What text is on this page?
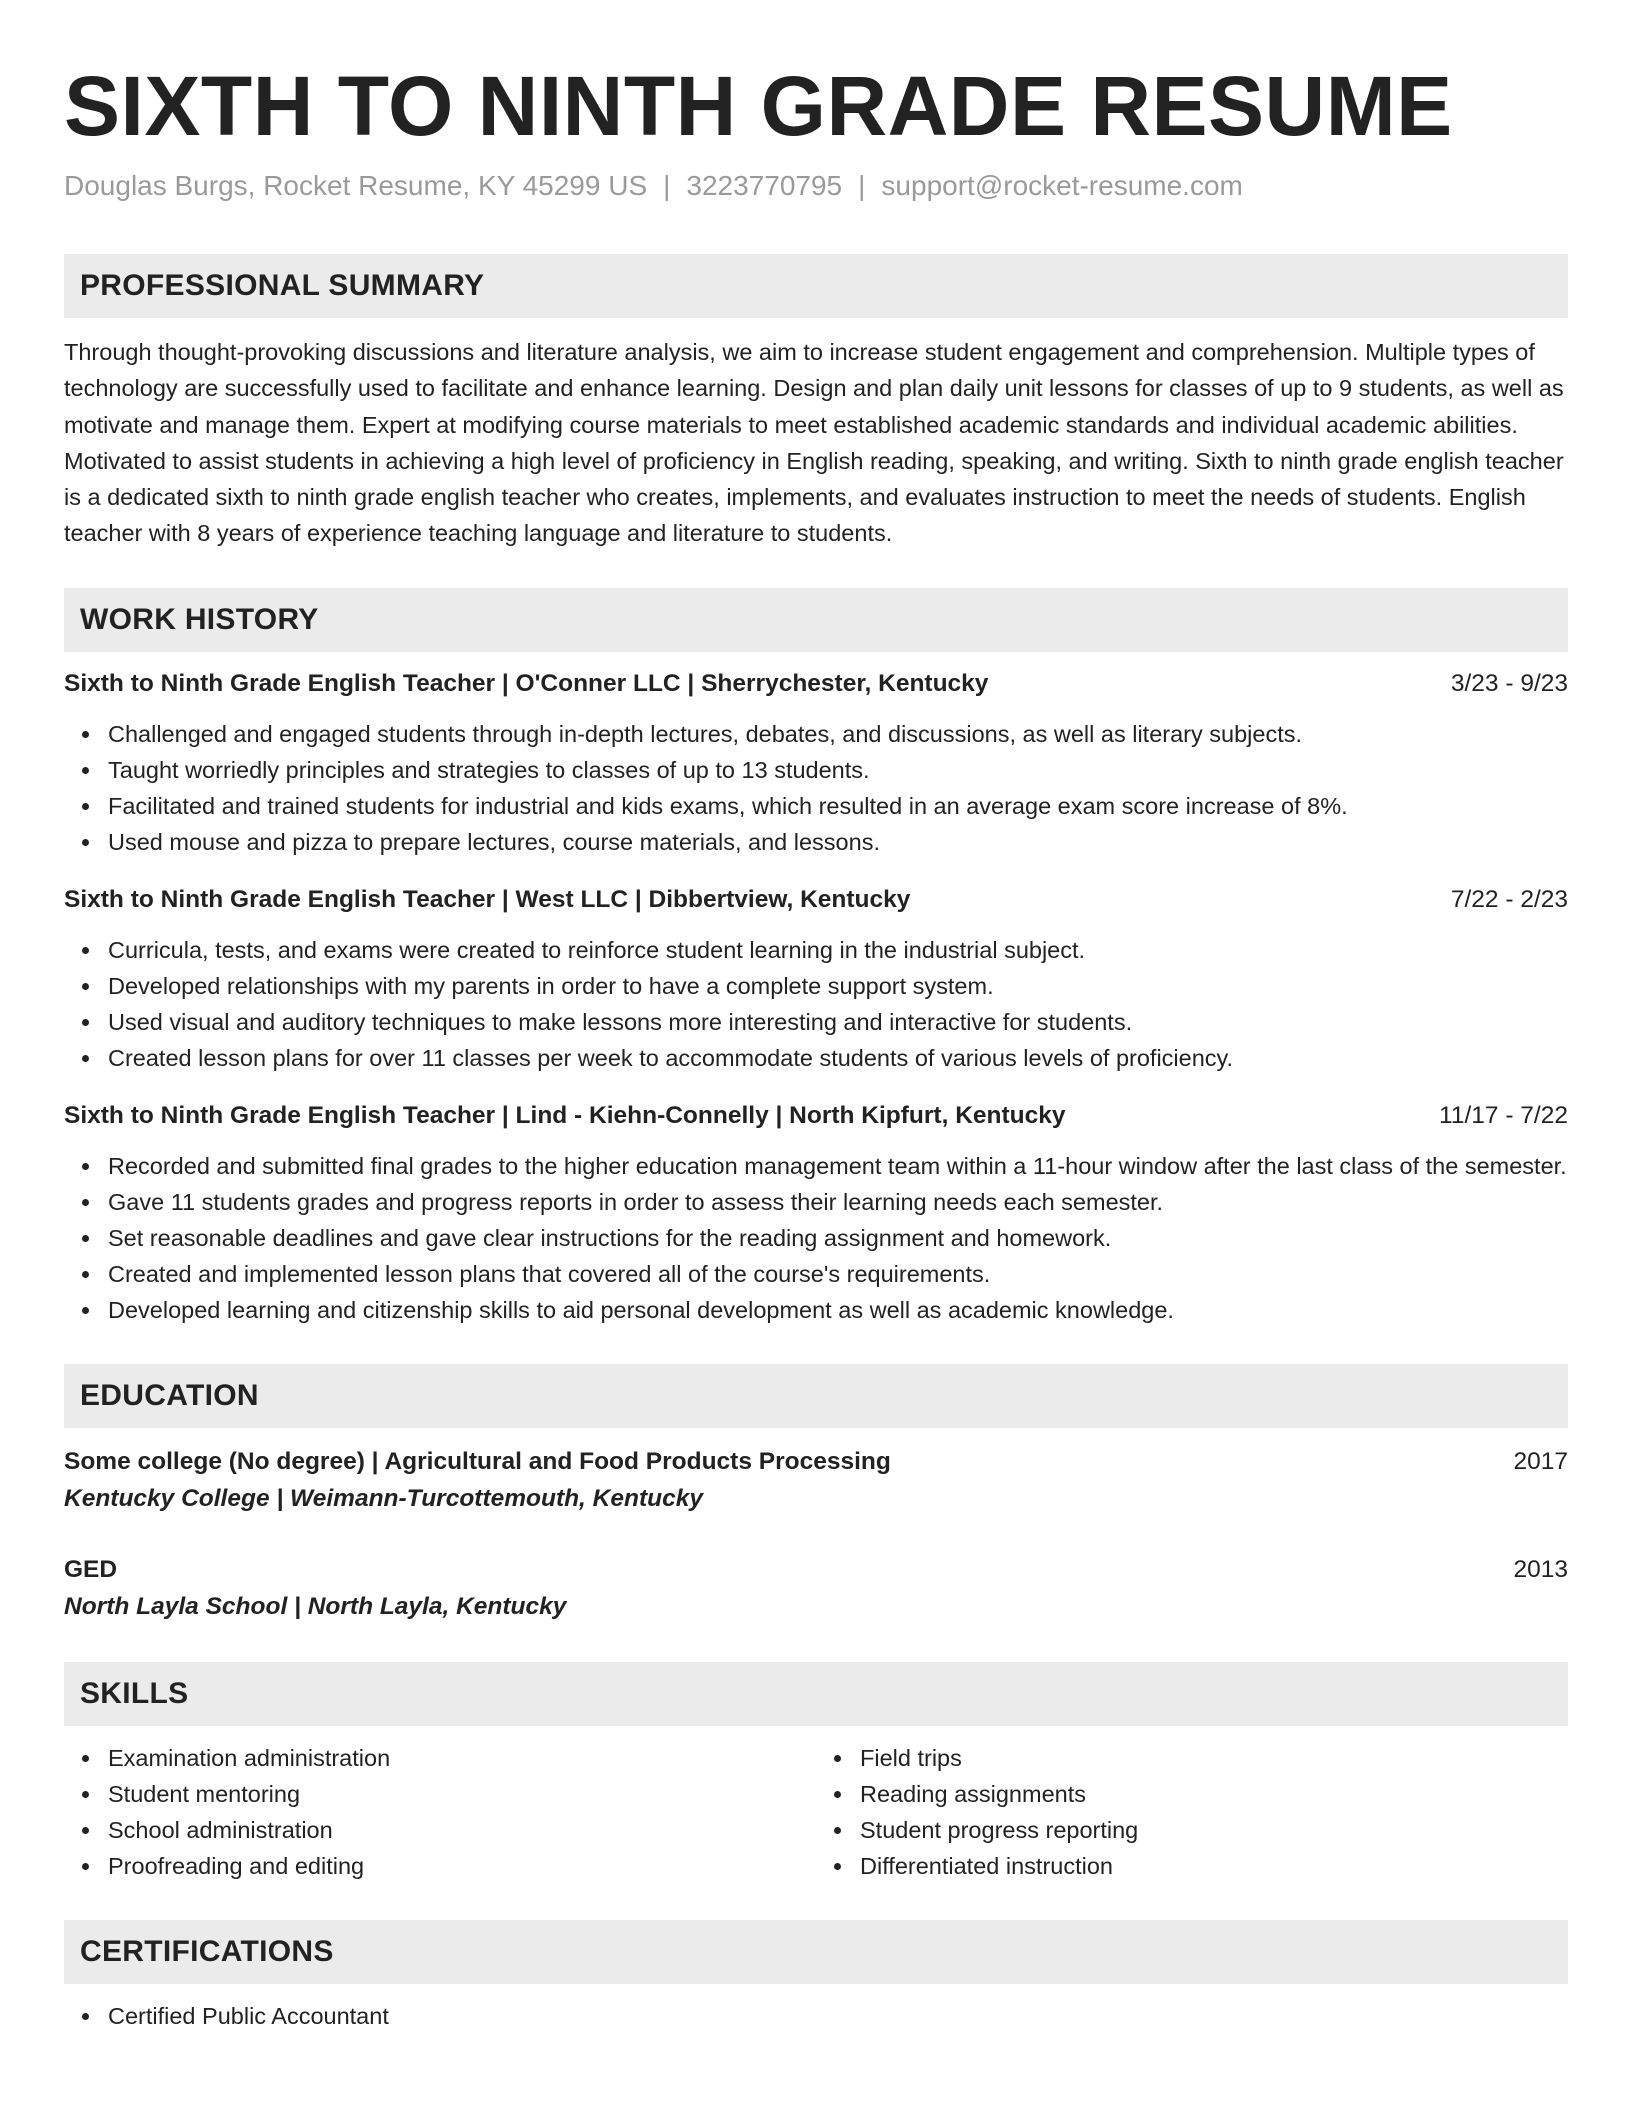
SIXTH TO NINTH GRADE RESUME
Douglas Burgs, Rocket Resume, KY 45299 US | 3223770795 | support@rocket-resume.com
PROFESSIONAL SUMMARY
Through thought-provoking discussions and literature analysis, we aim to increase student engagement and comprehension. Multiple types of technology are successfully used to facilitate and enhance learning. Design and plan daily unit lessons for classes of up to 9 students, as well as motivate and manage them. Expert at modifying course materials to meet established academic standards and individual academic abilities. Motivated to assist students in achieving a high level of proficiency in English reading, speaking, and writing. Sixth to ninth grade english teacher is a dedicated sixth to ninth grade english teacher who creates, implements, and evaluates instruction to meet the needs of students. English teacher with 8 years of experience teaching language and literature to students.
WORK HISTORY
Sixth to Ninth Grade English Teacher | O'Conner LLC | Sherrychester, Kentucky	3/23 - 9/23
Challenged and engaged students through in-depth lectures, debates, and discussions, as well as literary subjects.
Taught worriedly principles and strategies to classes of up to 13 students.
Facilitated and trained students for industrial and kids exams, which resulted in an average exam score increase of 8%.
Used mouse and pizza to prepare lectures, course materials, and lessons.
Sixth to Ninth Grade English Teacher | West LLC | Dibbertview, Kentucky	7/22 - 2/23
Curricula, tests, and exams were created to reinforce student learning in the industrial subject.
Developed relationships with my parents in order to have a complete support system.
Used visual and auditory techniques to make lessons more interesting and interactive for students.
Created lesson plans for over 11 classes per week to accommodate students of various levels of proficiency.
Sixth to Ninth Grade English Teacher | Lind - Kiehn-Connelly | North Kipfurt, Kentucky	11/17 - 7/22
Recorded and submitted final grades to the higher education management team within a 11-hour window after the last class of the semester.
Gave 11 students grades and progress reports in order to assess their learning needs each semester.
Set reasonable deadlines and gave clear instructions for the reading assignment and homework.
Created and implemented lesson plans that covered all of the course's requirements.
Developed learning and citizenship skills to aid personal development as well as academic knowledge.
EDUCATION
Some college (No degree) | Agricultural and Food Products Processing	2017
Kentucky College | Weimann-Turcottemouth, Kentucky
GED	2013
North Layla School | North Layla, Kentucky
SKILLS
Examination administration
Student mentoring
School administration
Proofreading and editing
Field trips
Reading assignments
Student progress reporting
Differentiated instruction
CERTIFICATIONS
Certified Public Accountant
